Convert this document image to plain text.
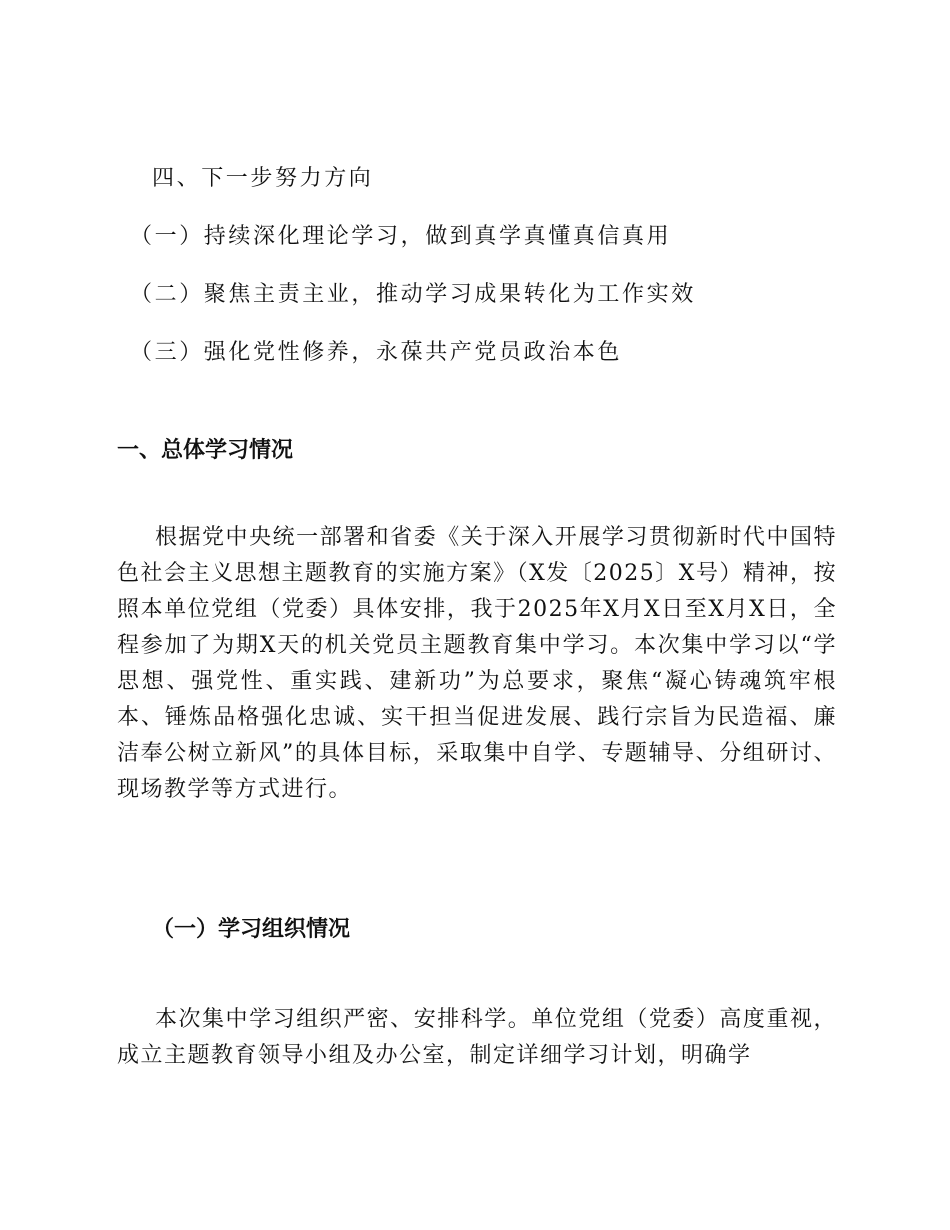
四、下一步努力方向
（一）持续深化理论学习，做到真学真懂真信真用
（二）聚焦主责主业，推动学习成果转化为工作实效
（三）强化党性修养，永葆共产党员政治本色
一、总体学习情况
根据党中央统一部署和省委《关于深入开展学习贯彻新时代中国特色社会主义思想主题教育的实施方案》（X发〔2025〕X号）精神，按照本单位党组（党委）具体安排，我于2025年X月X日至X月X日，全程参加了为期X天的机关党员主题教育集中学习。本次集中学习以“学思想、强党性、重实践、建新功”为总要求，聚焦“凝心铸魂筑牢根本、锤炼品格强化忠诚、实干担当促进发展、践行宗旨为民造福、廉洁奉公树立新风”的具体目标，采取集中自学、专题辅导、分组研讨、现场教学等方式进行。
（一）学习组织情况
本次集中学习组织严密、安排科学。单位党组（党委）高度重视，成立主题教育领导小组及办公室，制定详细学习计划，明确学
